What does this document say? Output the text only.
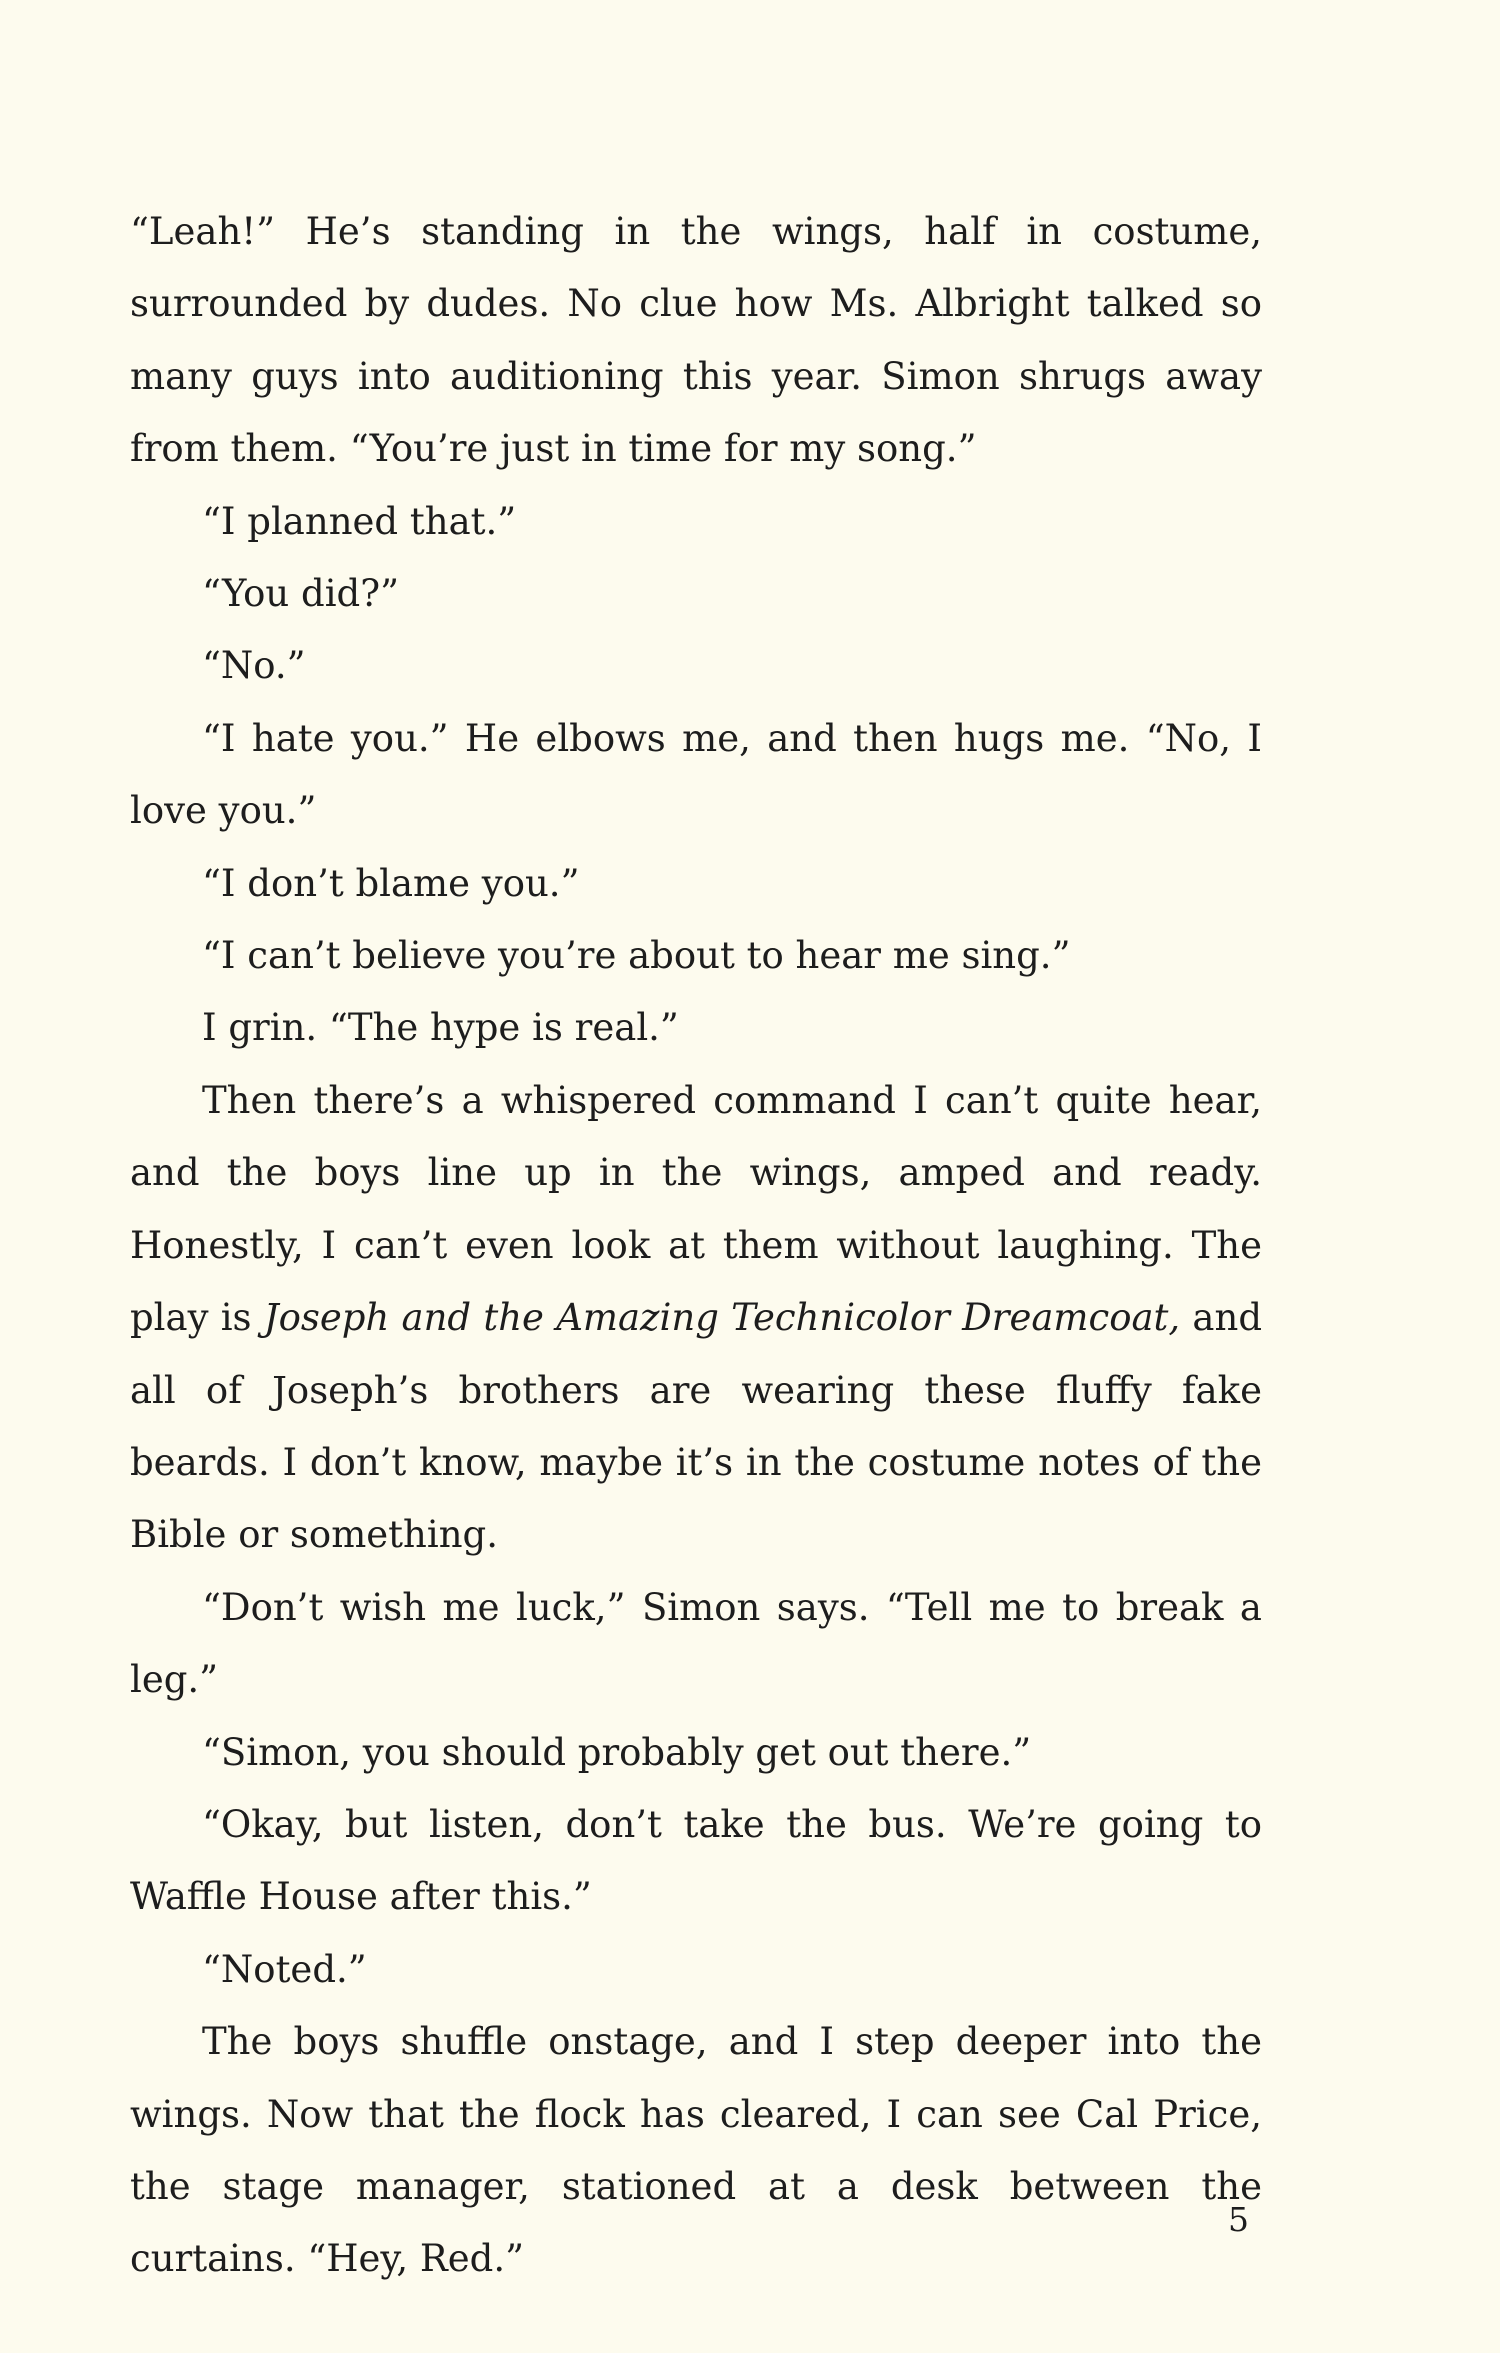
“Leah!” He’s standing in the wings, half in costume, surrounded by dudes. No clue how Ms. Albright talked so many guys into auditioning this year. Simon shrugs away from them. “You’re just in time for my song.”

“I planned that.”

“You did?”

“No.”

“I hate you.” He elbows me, and then hugs me. “No, I love you.”

“I don’t blame you.”

“I can’t believe you’re about to hear me sing.”

I grin. “The hype is real.”

Then there’s a whispered command I can’t quite hear, and the boys line up in the wings, amped and ready. Honestly, I can’t even look at them without laughing. The play is Joseph and the Amazing Technicolor Dreamcoat, and all of Joseph’s brothers are wearing these fluffy fake beards. I don’t know, maybe it’s in the costume notes of the Bible or something.

“Don’t wish me luck,” Simon says. “Tell me to break a leg.”

“Simon, you should probably get out there.”

“Okay, but listen, don’t take the bus. We’re going to Waffle House after this.”

“Noted.”

The boys shuffle onstage, and I step deeper into the wings. Now that the flock has cleared, I can see Cal Price, the stage manager, stationed at a desk between the curtains. “Hey, Red.”

5
